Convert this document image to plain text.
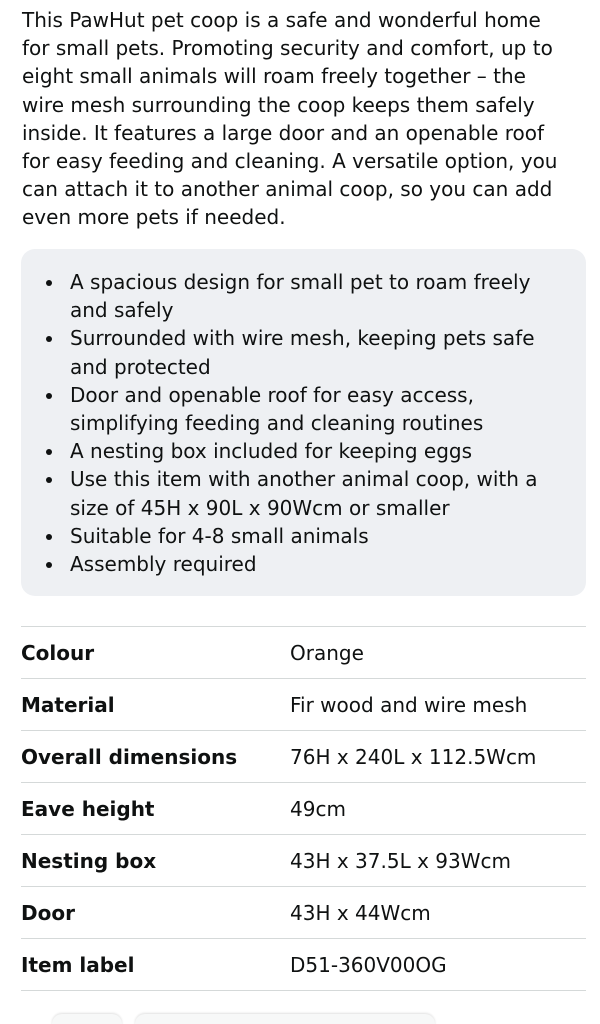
This PawHut pet coop is a safe and wonderful home
for small pets. Promoting security and comfort, up to
eight small animals will roam freely together – the
wire mesh surrounding the coop keeps them safely
inside. It features a large door and an openable roof
for easy feeding and cleaning. A versatile option, you
can attach it to another animal coop, so you can add
even more pets if needed.

A spacious design for small pet to roam freely
and safely
Surrounded with wire mesh, keeping pets safe
and protected
Door and openable roof for easy access,
simplifying feeding and cleaning routines
A nesting box included for keeping eggs
Use this item with another animal coop, with a
size of 45H x 90L x 90Wcm or smaller
Suitable for 4-8 small animals
Assembly required
Colour	Orange
Material	Fir wood and wire mesh
Overall dimensions	76H x 240L x 112.5Wcm
Eave height	49cm
Nesting box	43H x 37.5L x 93Wcm
Door	43H x 44Wcm
Item label	D51-360V00OG
